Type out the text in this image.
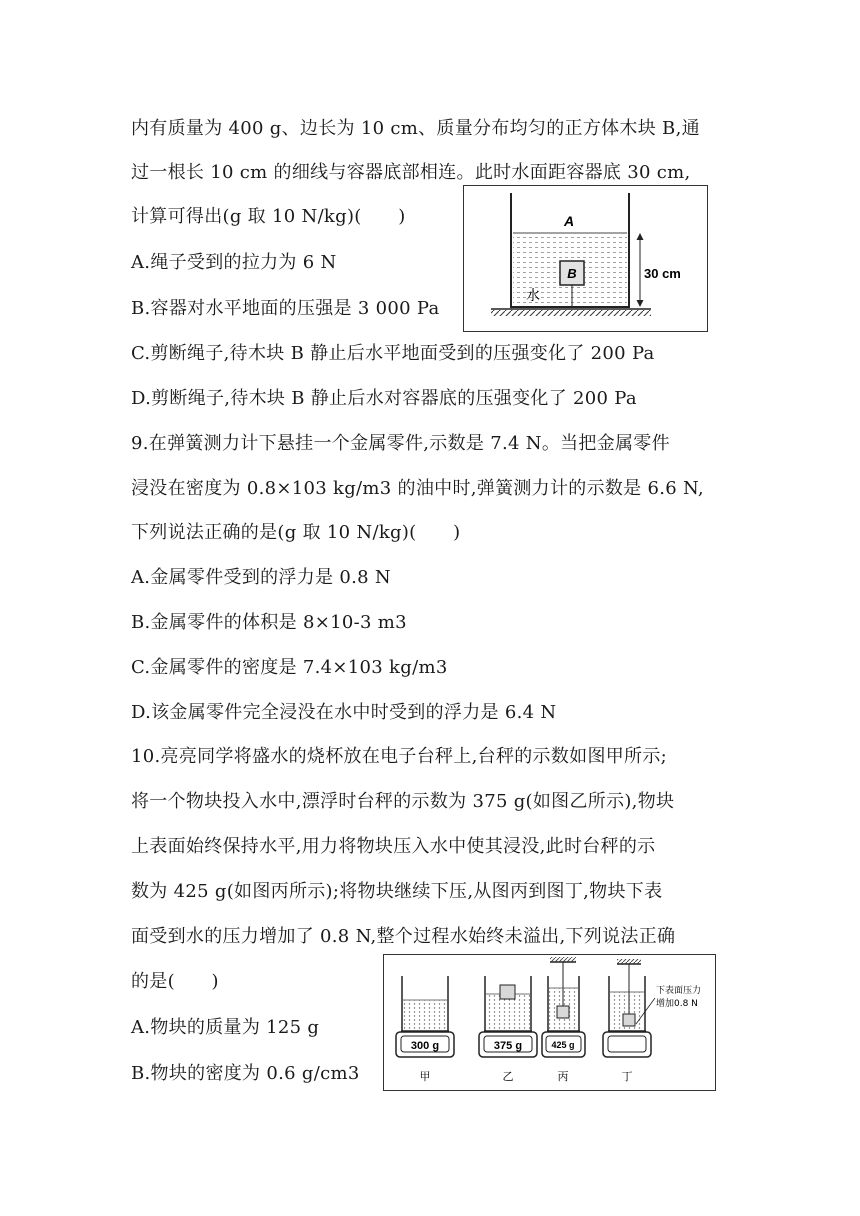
内有质量为 400 g、边长为 10 cm、质量分布均匀的正方体木块 B,通

过一根长 10 cm 的细线与容器底部相连。此时水面距容器底 30 cm,

计算可得出(g 取 10 N/kg)(　　)

A.绳子受到的拉力为 6 N

B.容器对水平地面的压强是 3 000 Pa

C.剪断绳子,待木块 B 静止后水平地面受到的压强变化了 200 Pa

D.剪断绳子,待木块 B 静止后水对容器底的压强变化了 200 Pa

9.在弹簧测力计下悬挂一个金属零件,示数是 7.4 N。当把金属零件

浸没在密度为 0.8×103 kg/m3 的油中时,弹簧测力计的示数是 6.6 N,

下列说法正确的是(g 取 10 N/kg)(　　)

A.金属零件受到的浮力是 0.8 N

B.金属零件的体积是 8×10-3 m3

C.金属零件的密度是 7.4×103 kg/m3

D.该金属零件完全浸没在水中时受到的浮力是 6.4 N

10.亮亮同学将盛水的烧杯放在电子台秤上,台秤的示数如图甲所示;

将一个物块投入水中,漂浮时台秤的示数为 375 g(如图乙所示),物块

上表面始终保持水平,用力将物块压入水中使其浸没,此时台秤的示

数为 425 g(如图丙所示);将物块继续下压,从图丙到图丁,物块下表

面受到水的压力增加了 0.8 N,整个过程水始终未溢出,下列说法正确

的是(　　)

A.物块的质量为 125 g

B.物块的密度为 0.6 g/cm3

B
A
水
30 cm
300 g
甲
375 g
乙
425 g
丙	丁
下表面压力
增加0.8 N
